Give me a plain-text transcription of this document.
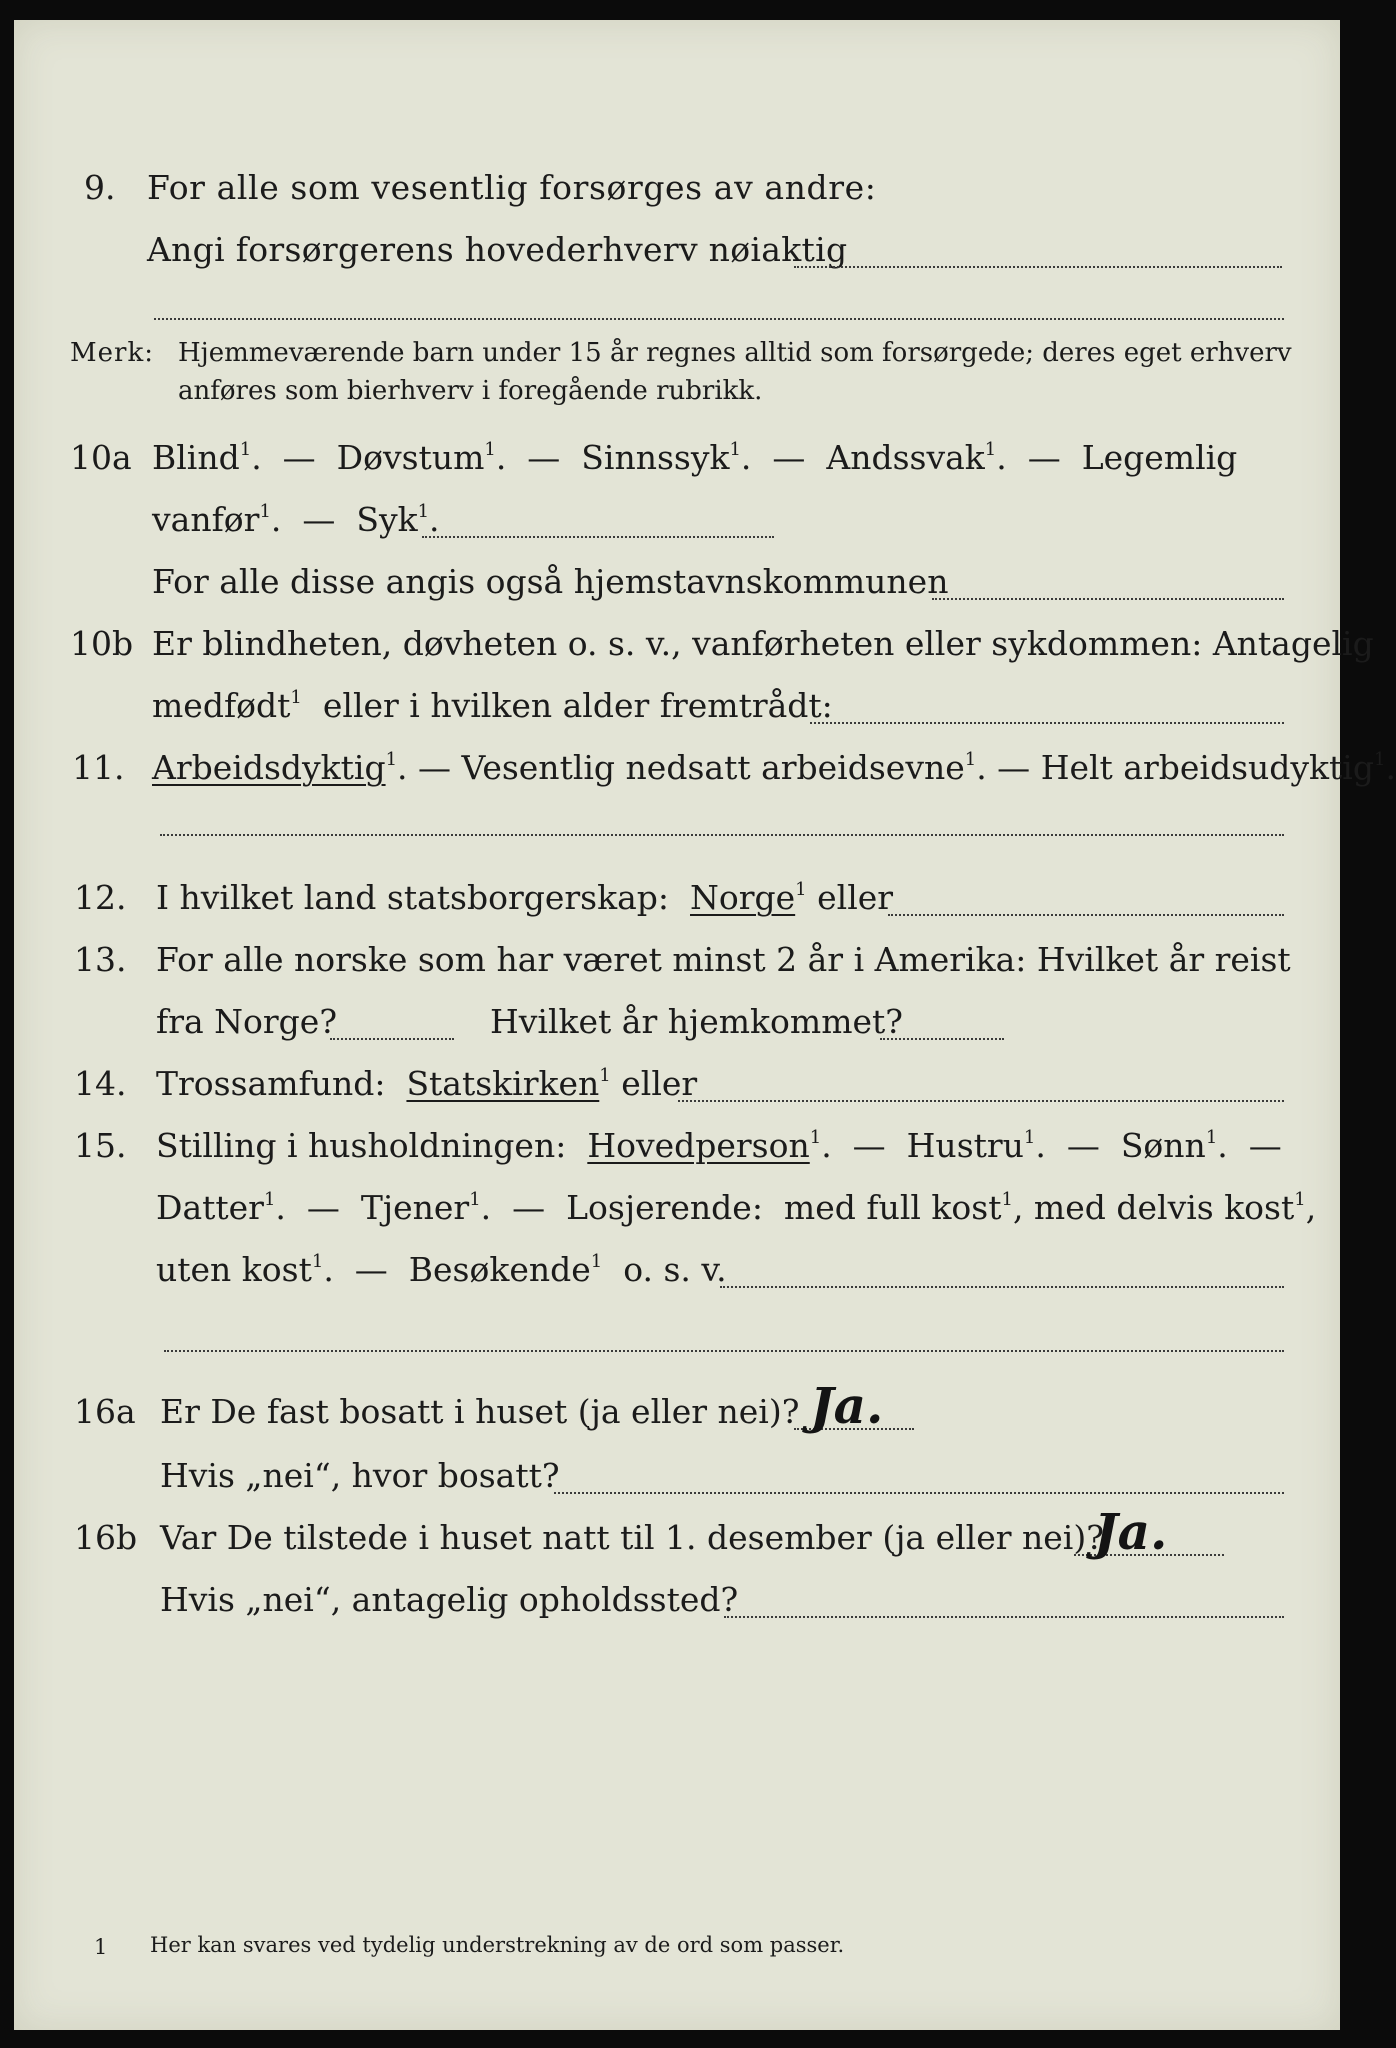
9. For alle som vesentlig forsørges av andre:
Angi forsørgerens hovederhverv nøiaktig
Merk: Hjemmeværende barn under 15 år regnes alltid som forsørgede; deres eget erhverv
anføres som bierhverv i foregående rubrikk.
10a Blind$^1$.  —  Døvstum$^1$.  —  Sinnssyk$^1$.  —  Andssvak$^1$.  —  Legemlig
vanfør$^1$.  —  Syk$^1$.
For alle disse angis også hjemstavnskommunen
10b Er blindheten, døvheten o. s. v., vanførheten eller sykdommen: Antagelig
medfødt$^1$ eller i hvilken alder fremtrådt:
11. Arbeidsdyktig$^1$. — Vesentlig nedsatt arbeidsevne$^1$. — Helt arbeidsudyktig$^1$.
12. I hvilket land statsborgerskap: Norge$^1$ eller
13. For alle norske som har været minst 2 år i Amerika: Hvilket år reist
fra Norge?	Hvilket år hjemkommet?
14. Trossamfund: Statskirken$^1$ eller
15. Stilling i husholdningen: Hovedperson$^1$.  —  Hustru$^1$.  —  Sønn$^1$.  —
Datter$^1$.  —  Tjener$^1$.  —  Losjerende: med full kost$^1$, med delvis kost$^1$,
uten kost$^1$.  —  Besøkende$^1$ o. s. v.
16a Er De fast bosatt i huset (ja eller nei)? Ja.
Hvis „nei“, hvor bosatt?
16b Var De tilstede i huset natt til 1. desember (ja eller nei)?
Ja.
Hvis „nei“, antagelig opholdssted?
1 Her kan svares ved tydelig understrekning av de ord som passer.
